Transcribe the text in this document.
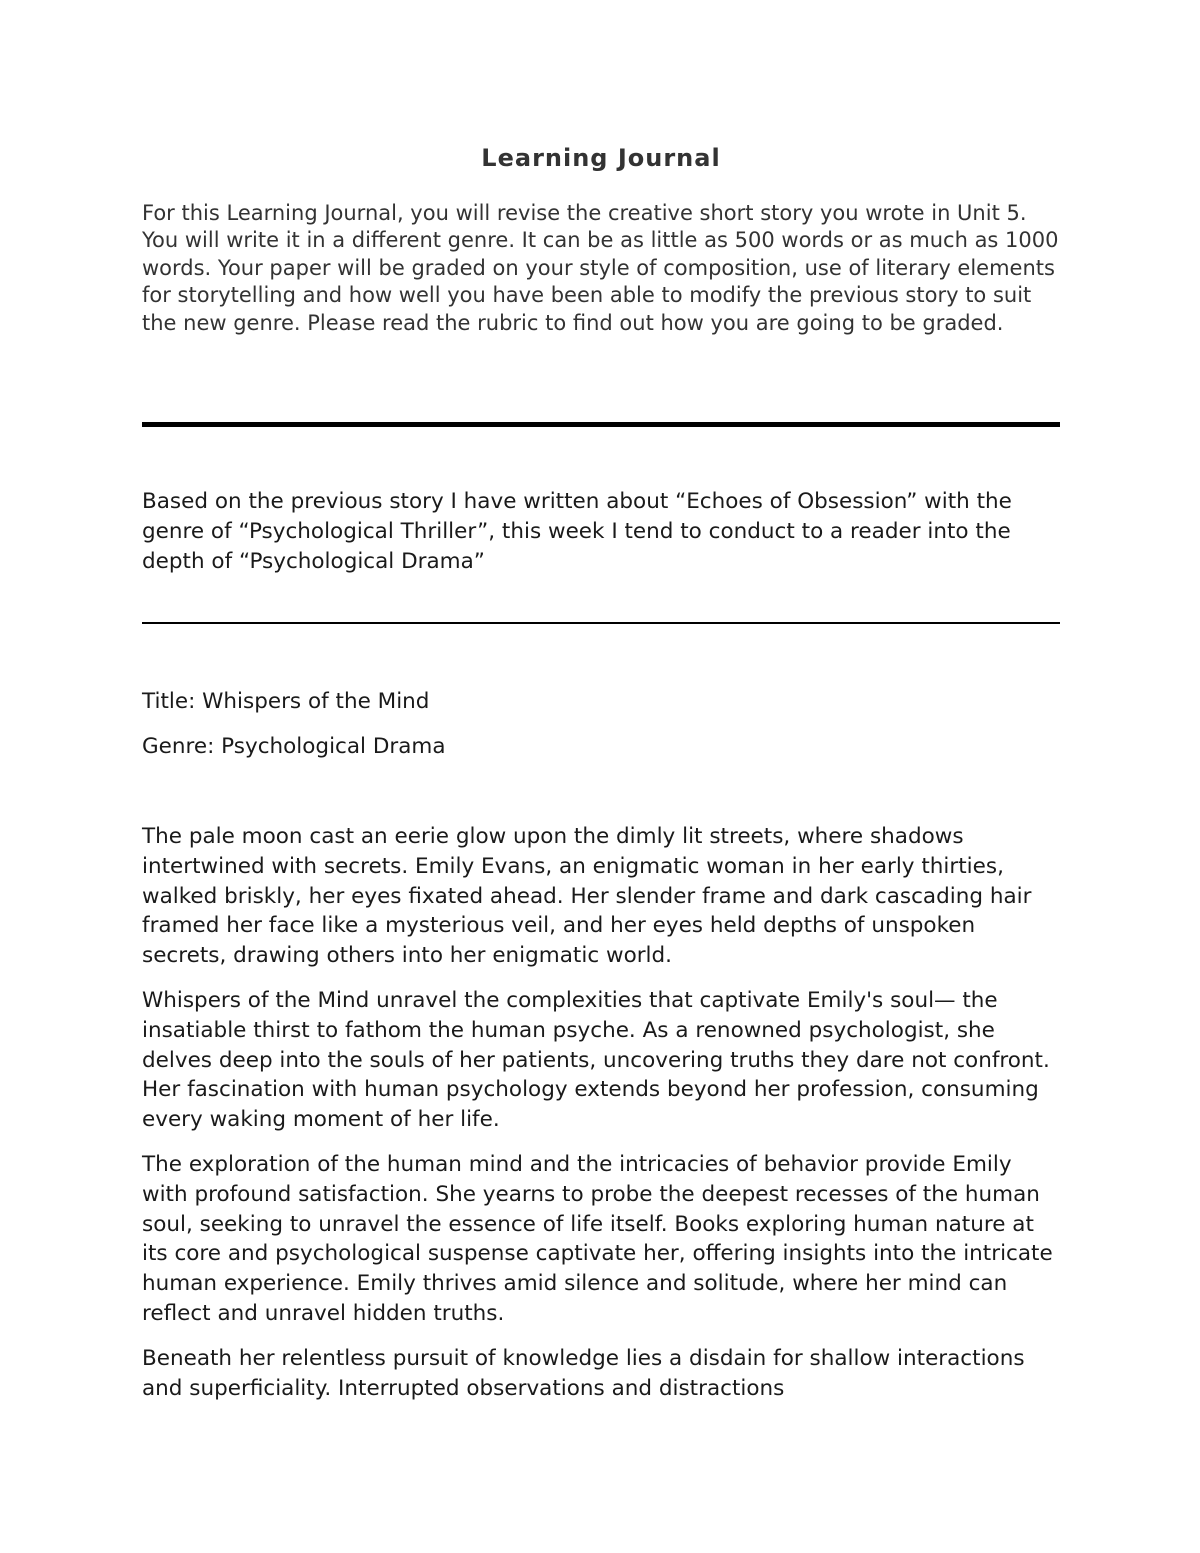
Learning Journal

For this Learning Journal, you will revise the creative short story you wrote in Unit 5. You will write it in a different genre. It can be as little as 500 words or as much as 1000 words. Your paper will be graded on your style of composition, use of literary elements for storytelling and how well you have been able to modify the previous story to suit the new genre. Please read the rubric to find out how you are going to be graded.

Based on the previous story I have written about “Echoes of Obsession” with the genre of “Psychological Thriller”, this week I tend to conduct to a reader into the depth of “Psychological Drama”

Title: Whispers of the Mind

Genre: Psychological Drama

The pale moon cast an eerie glow upon the dimly lit streets, where shadows intertwined with secrets. Emily Evans, an enigmatic woman in her early thirties, walked briskly, her eyes fixated ahead. Her slender frame and dark cascading hair framed her face like a mysterious veil, and her eyes held depths of unspoken secrets, drawing others into her enigmatic world.

Whispers of the Mind unravel the complexities that captivate Emily's soul— the insatiable thirst to fathom the human psyche. As a renowned psychologist, she delves deep into the souls of her patients, uncovering truths they dare not confront. Her fascination with human psychology extends beyond her profession, consuming every waking moment of her life.

The exploration of the human mind and the intricacies of behavior provide Emily with profound satisfaction. She yearns to probe the deepest recesses of the human soul, seeking to unravel the essence of life itself. Books exploring human nature at its core and psychological suspense captivate her, offering insights into the intricate human experience. Emily thrives amid silence and solitude, where her mind can reflect and unravel hidden truths.

Beneath her relentless pursuit of knowledge lies a disdain for shallow interactions and superficiality. Interrupted observations and distractions
